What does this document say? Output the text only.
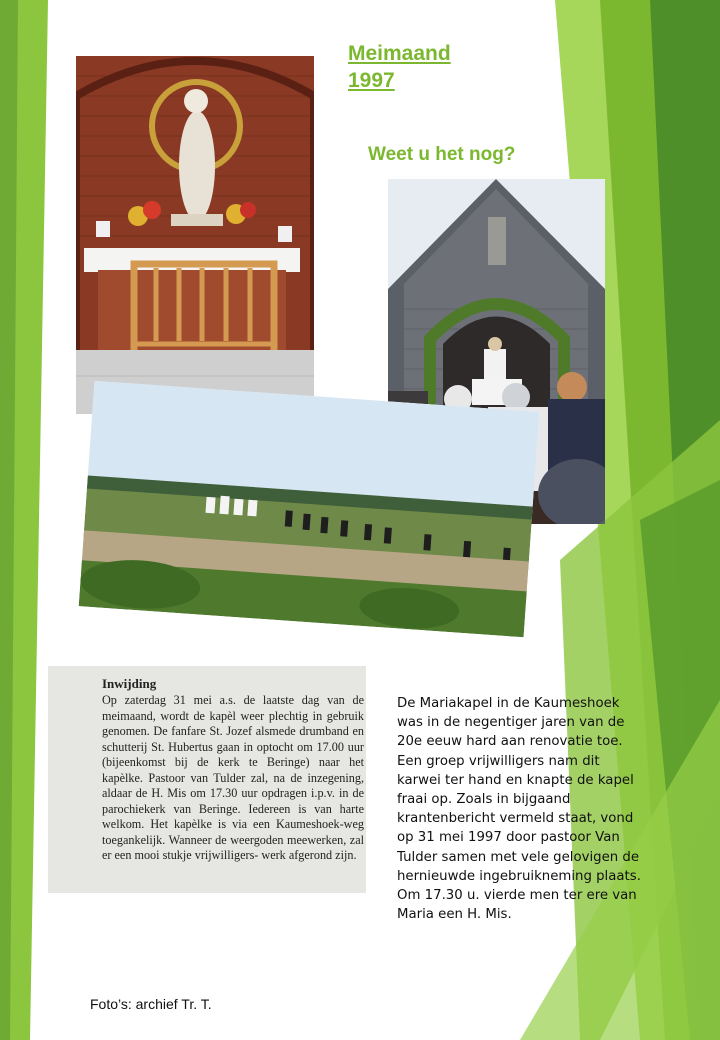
Meimaand
1997
Weet u het nog?
Inwijding

Op zaterdag 31 mei a.s. de laatste dag van de meimaand, wordt de kapèl weer plechtig in gebruik genomen. De fanfare St. Jozef alsmede drumband en schutterij St. Hubertus gaan in optocht om 17.00 uur (bijeenkomst bij de kerk te Beringe) naar het kapèlke. Pastoor van Tulder zal, na de inzegening, aldaar de H. Mis om 17.30 uur opdragen i.p.v. in de parochiekerk van Beringe. Iedereen is van harte welkom. Het kapèlke is via een Kaumeshoek-weg toegankelijk. Wanneer de weergoden meewerken, zal er een mooi stukje vrijwilligers- werk afgerond zijn.

De Mariakapel in de Kaumeshoek was in de negentiger jaren van de 20e eeuw hard aan renovatie toe. Een groep vrijwilligers nam dit karwei ter hand en knapte de kapel fraai op. Zoals in bijgaand krantenbericht vermeld staat, vond op 31 mei 1997 door pastoor Van Tulder samen met vele gelovigen de hernieuwde ingebruikneming plaats. Om 17.30 u. vierde men ter ere van Maria een H. Mis.

Foto’s: archief Tr. T.
